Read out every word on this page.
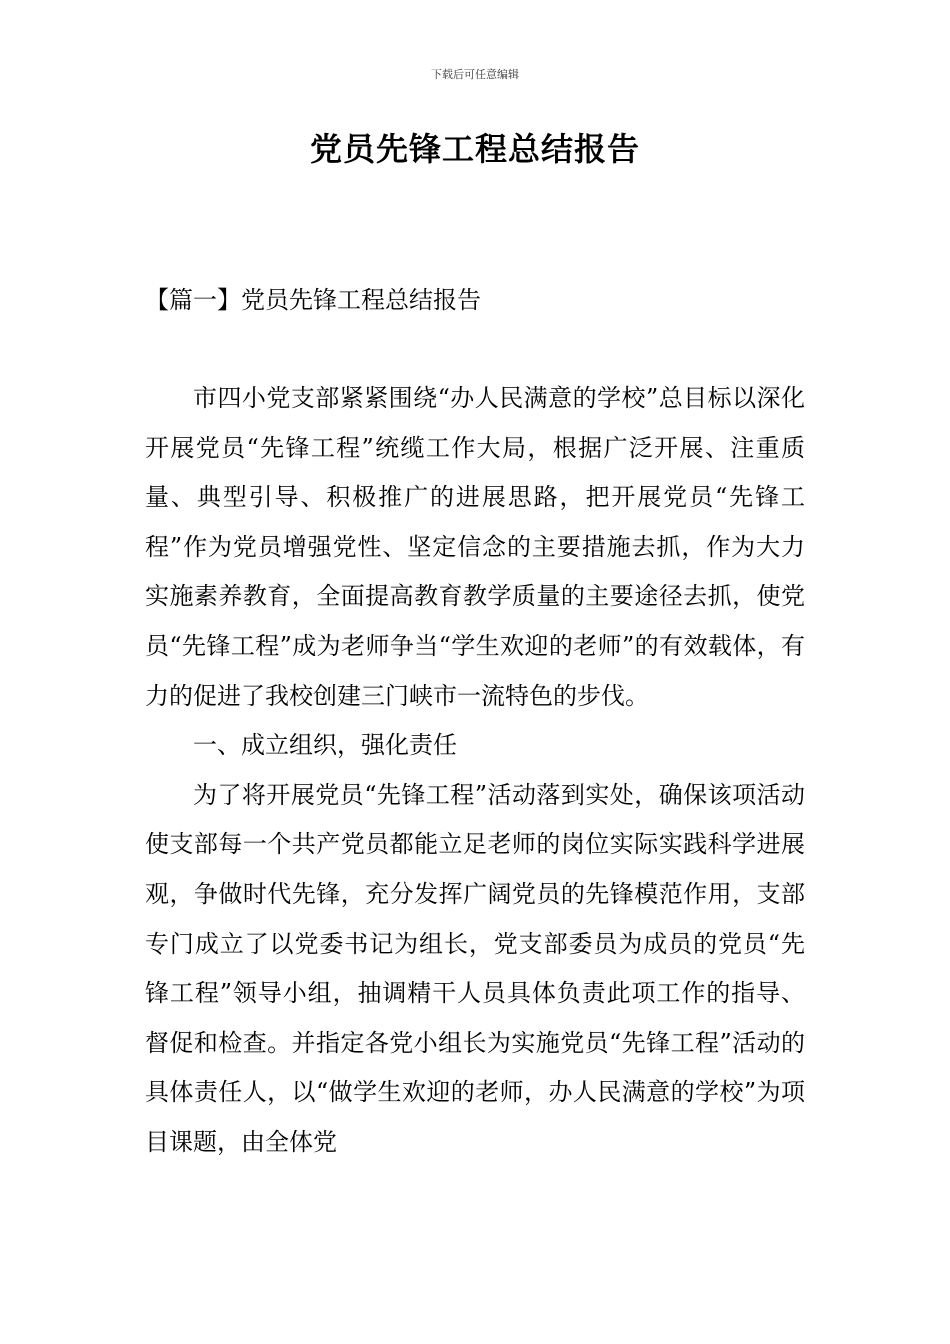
下载后可任意编辑
党员先锋工程总结报告
【篇一】党员先锋工程总结报告

市四小党支部紧紧围绕“办人民满意的学校”总目标以深化开展党员“先锋工程”统缆工作大局，根据广泛开展、注重质量、典型引导、积极推广的进展思路，把开展党员“先锋工程”作为党员增强党性、坚定信念的主要措施去抓，作为大力实施素养教育，全面提高教育教学质量的主要途径去抓，使党员“先锋工程”成为老师争当“学生欢迎的老师”的有效载体，有力的促进了我校创建三门峡市一流特色的步伐。

一、成立组织，强化责任

为了将开展党员“先锋工程”活动落到实处，确保该项活动使支部每一个共产党员都能立足老师的岗位实际实践科学进展观，争做时代先锋，充分发挥广阔党员的先锋模范作用，支部专门成立了以党委书记为组长，党支部委员为成员的党员“先锋工程”领导小组，抽调精干人员具体负责此项工作的指导、督促和检查。并指定各党小组长为实施党员“先锋工程”活动的具体责任人，以“做学生欢迎的老师，办人民满意的学校”为项目课题，由全体党
